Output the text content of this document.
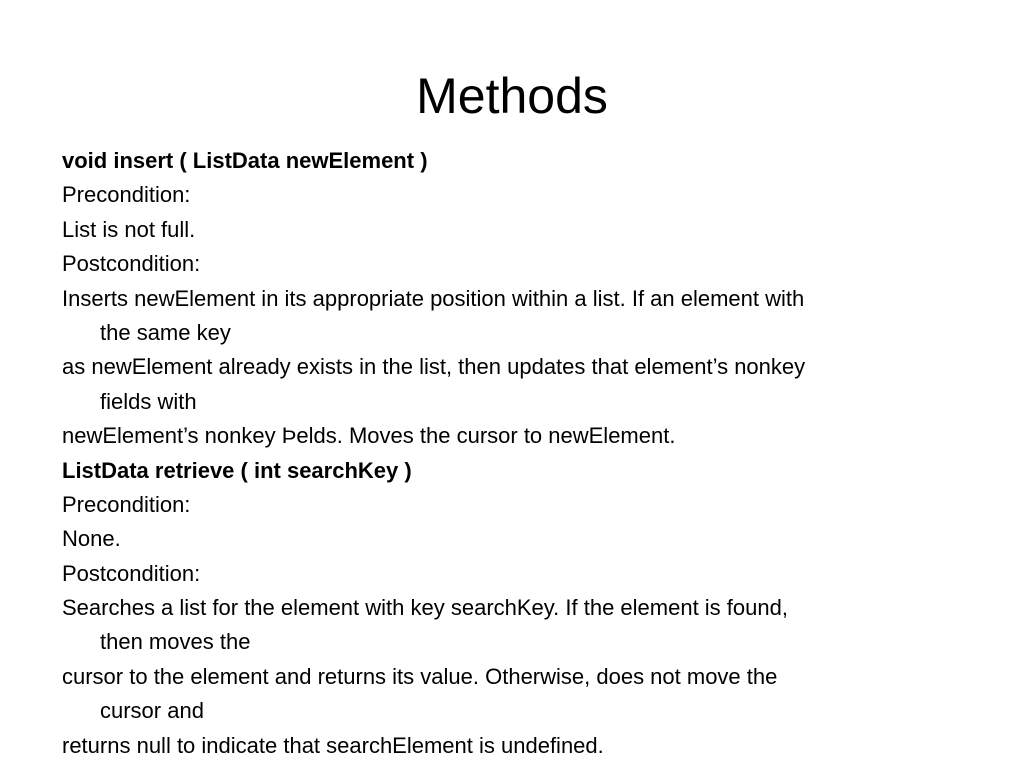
Methods
void insert ( ListData newElement )
Precondition:
List is not full.
Postcondition:
Inserts newElement in its appropriate position within a list. If an element with
the same key
as newElement already exists in the list, then updates that element’s nonkey
fields with
newElement’s nonkey Þelds. Moves the cursor to newElement.
ListData retrieve ( int searchKey )
Precondition:
None.
Postcondition:
Searches a list for the element with key searchKey. If the element is found,
then moves the
cursor to the element and returns its value. Otherwise, does not move the
cursor and
returns null to indicate that searchElement is undefined.
